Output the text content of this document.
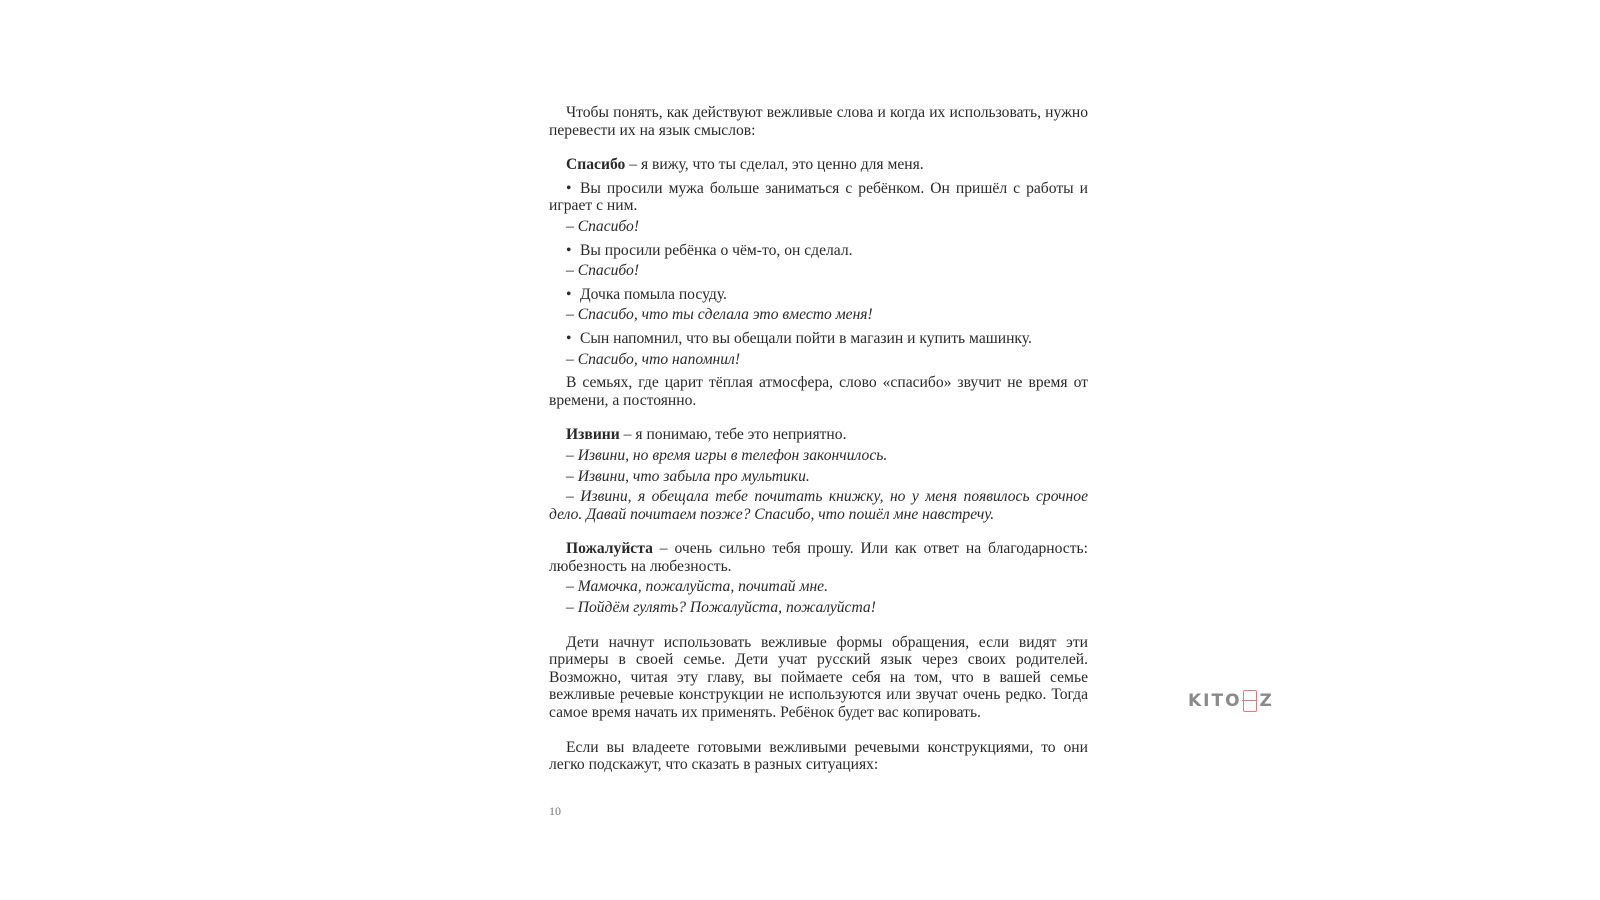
Чтобы понять, как действуют вежливые слова и когда их использовать, нужно перевести их на язык смыслов:

Спасибо – я вижу, что ты сделал, это ценно для меня.

• Вы просили мужа больше заниматься с ребёнком. Он пришёл с работы и играет с ним.

– Спасибо!

• Вы просили ребёнка о чём-то, он сделал.

– Спасибо!

• Дочка помыла посуду.

– Спасибо, что ты сделала это вместо меня!

• Сын напомнил, что вы обещали пойти в магазин и купить машинку.

– Спасибо, что напомнил!

В семьях, где царит тёплая атмосфера, слово «спасибо» звучит не время от времени, а постоянно.

Извини – я понимаю, тебе это неприятно.

– Извини, но время игры в телефон закончилось.

– Извини, что забыла про мультики.

– Извини, я обещала тебе почитать книжку, но у меня появилось срочное дело. Давай почитаем позже? Спасибо, что пошёл мне навстречу.

Пожалуйста – очень сильно тебя прошу. Или как ответ на благодарность: любезность на любезность.

– Мамочка, пожалуйста, почитай мне.

– Пойдём гулять? Пожалуйста, пожалуйста!

Дети начнут использовать вежливые формы обращения, если видят эти примеры в своей семье. Дети учат русский язык через своих родителей. Возможно, читая эту главу, вы поймаете себя на том, что в вашей семье вежливые речевые конструкции не используются или звучат очень редко. Тогда самое время начать их применять. Ребёнок будет вас копировать.

Если вы владеете готовыми вежливыми речевыми конструкциями, то они легко подскажут, что сказать в разных ситуациях:

10
KITO Z
